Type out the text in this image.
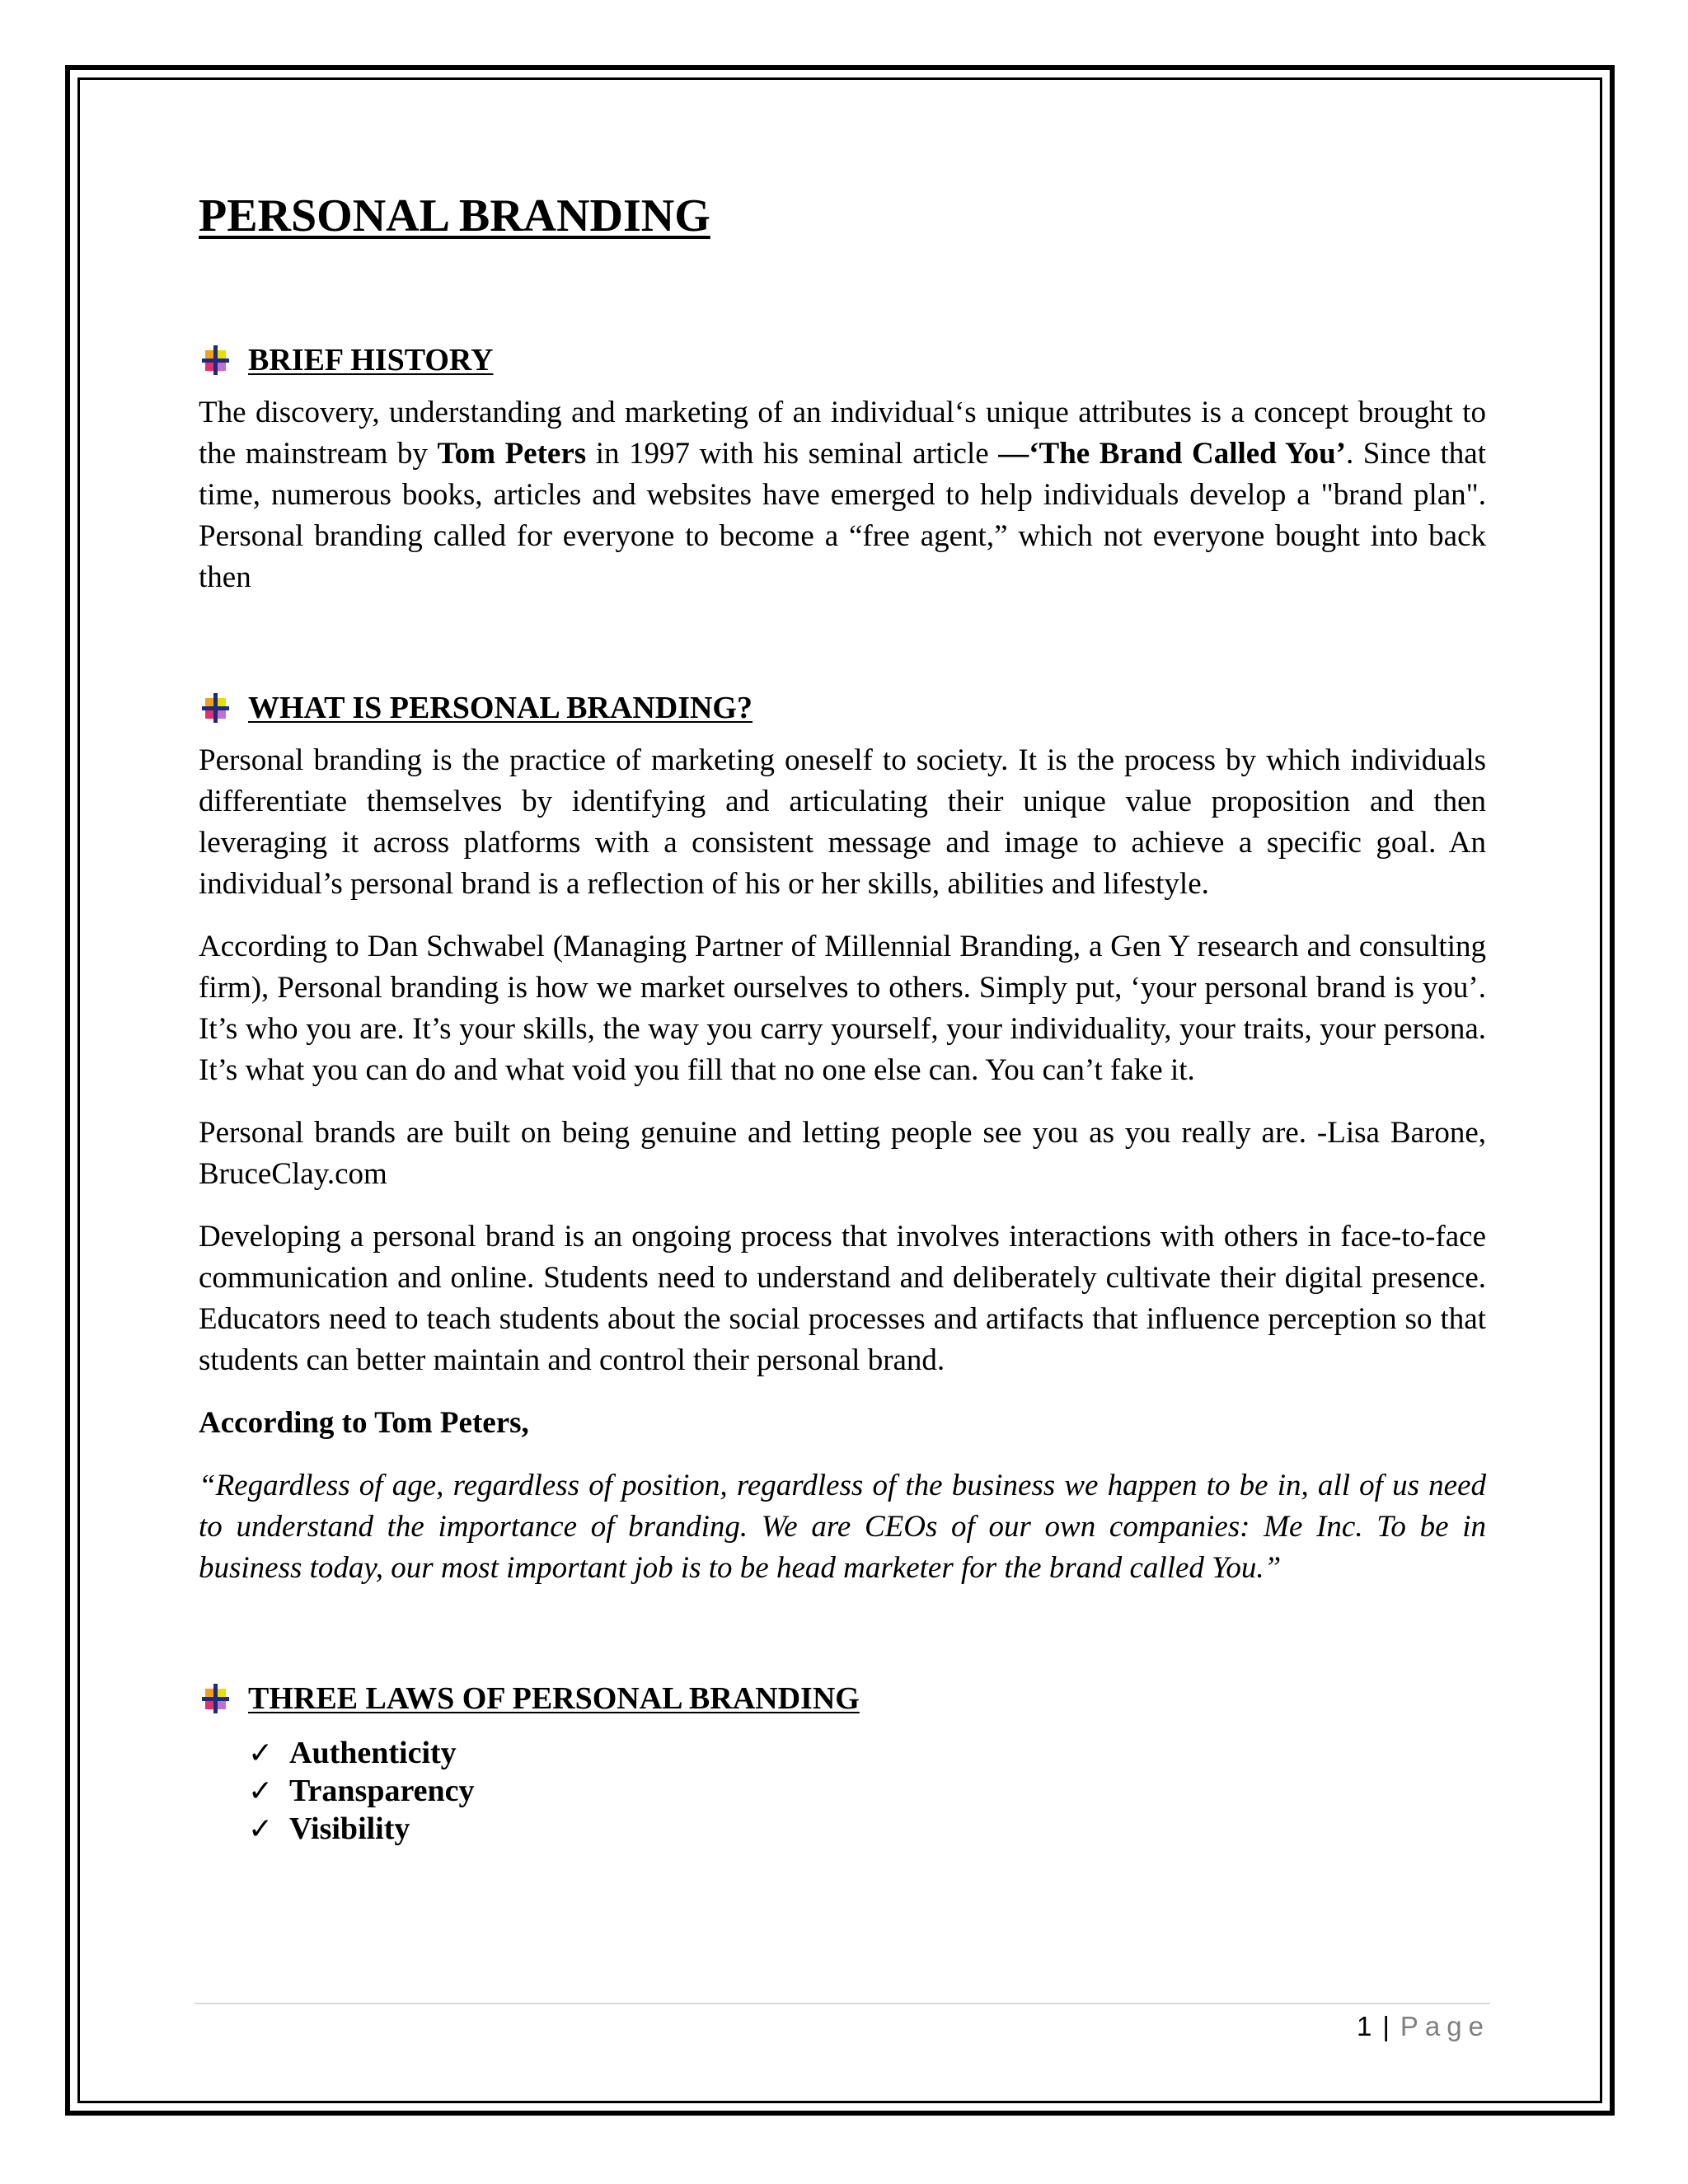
PERSONAL BRANDING
BRIEF HISTORY

The discovery, understanding and marketing of an individual‘s unique attributes is a concept brought to the mainstream by Tom Peters in 1997 with his seminal article ―‘The Brand Called You’. Since that time, numerous books, articles and websites have emerged to help individuals develop a "brand plan". Personal branding called for everyone to become a “free agent,” which not everyone bought into back then

WHAT IS PERSONAL BRANDING?

Personal branding is the practice of marketing oneself to society. It is the process by which individuals differentiate themselves by identifying and articulating their unique value proposition and then leveraging it across platforms with a consistent message and image to achieve a specific goal. An individual’s personal brand is a reflection of his or her skills, abilities and lifestyle.

According to Dan Schwabel (Managing Partner of Millennial Branding, a Gen Y research and consulting firm), Personal branding is how we market ourselves to others. Simply put, ‘your personal brand is you’. It’s who you are. It’s your skills, the way you carry yourself, your individuality, your traits, your persona. It’s what you can do and what void you fill that no one else can. You can’t fake it.

Personal brands are built on being genuine and letting people see you as you really are. -Lisa Barone, BruceClay.com

Developing a personal brand is an ongoing process that involves interactions with others in face-to-face communication and online. Students need to understand and deliberately cultivate their digital presence. Educators need to teach students about the social processes and artifacts that influence perception so that students can better maintain and control their personal brand.

According to Tom Peters,

“Regardless of age, regardless of position, regardless of the business we happen to be in, all of us need to understand the importance of branding. We are CEOs of our own companies: Me Inc. To be in business today, our most important job is to be head marketer for the brand called You.”

THREE LAWS OF PERSONAL BRANDING
✓ Authenticity
✓ Transparency
✓ Visibility
1 | Page
